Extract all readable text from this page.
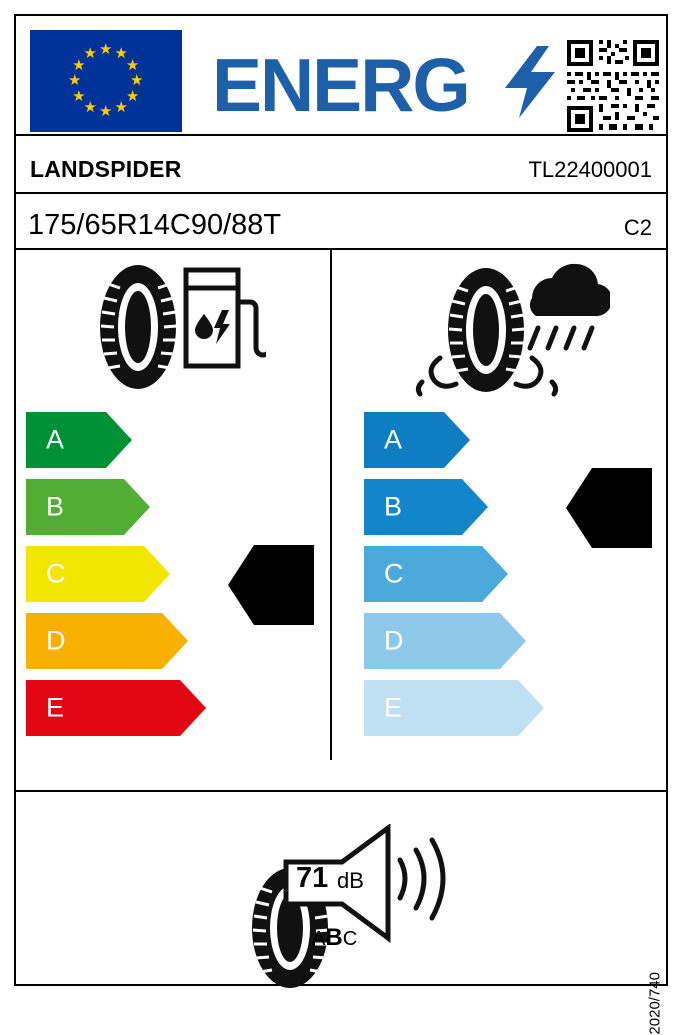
★ ★
★
★
★
★
★
★
★
★
★
★ ENERG
LANDSPIDER	TL22400001
175/65R14C90/88T	C2
A
B
C
D
E
C
A
B
C
D
E
B
71 dB
ABC
2020/740
